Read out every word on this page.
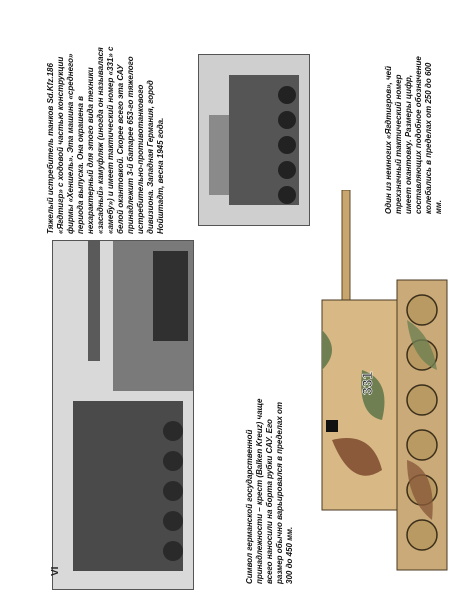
Тяжелый истребитель танков Sd.Kfz.186 «Ягдтигр» с ходовой частью конструкции фирмы «Хеншель». Эта машина «среднего» периода выпуска. Она окрашена в нехарактерный для этого вида техники «засадный» камуфляж (иногда он называлася «амебу») и имеет тактический номер «331» с белой окантовкой. Скорее всего эта САУ принадлежит 3-й батарее 653-го тяжелого истребительно-противотанкового дивизиона. Западная Германия, город Нойштадт, весна 1945 года.
Символ германской государственной принадлежности – крест (Balken Kreuz) чаще всего наносили на борта рубки САУ. Его размер обычно варьировался в пределах от 300 до 450 мм.
Один из немногих «Ягдтигров», чей трехзначный тактический номер имеет окантовку. Размеры цифр, составляющих подобное обозначение колебались в пределах от 250 до 600 мм.
331
VI
